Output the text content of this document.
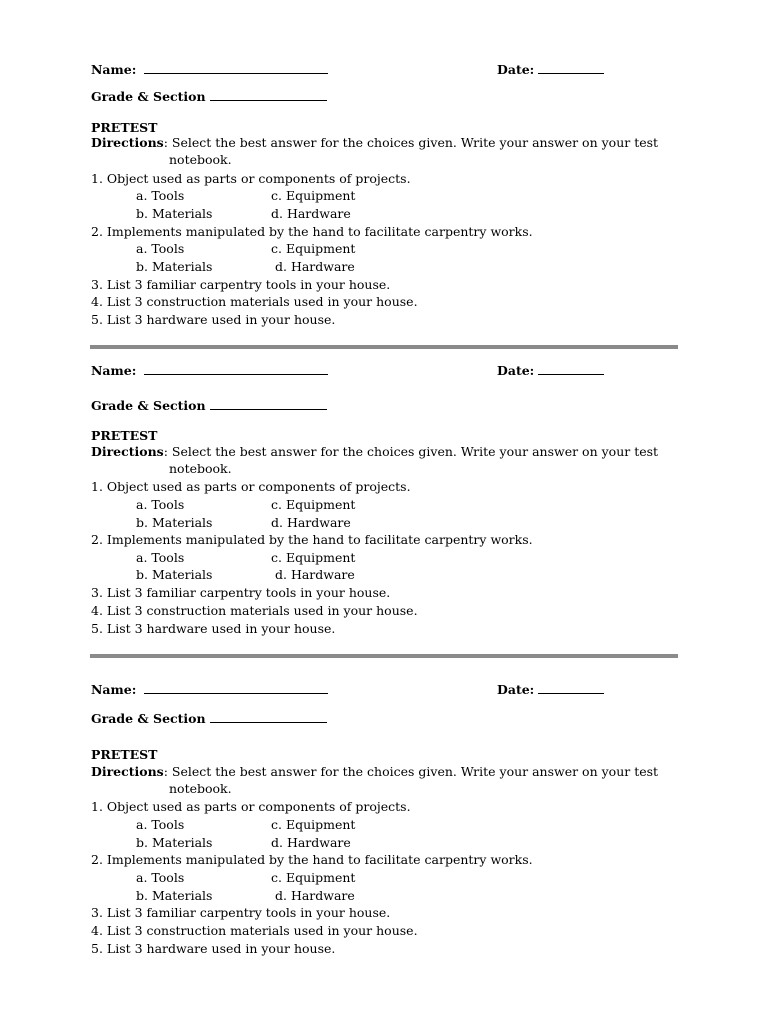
Name:	Date:
Grade & Section
PRETEST
Directions: Select the best answer for the choices given. Write your answer on your test
notebook.
1. Object used as parts or components of projects.
a. Tools	c. Equipment
b. Materials	d. Hardware
2. Implements manipulated by the hand to facilitate carpentry works.
a. Tools	c. Equipment
b. Materials	d. Hardware
3. List 3 familiar carpentry tools in your house.
4. List 3 construction materials used in your house.
5. List 3 hardware used in your house.
Name:	Date:
Grade & Section
PRETEST
Directions: Select the best answer for the choices given. Write your answer on your test
notebook.
1. Object used as parts or components of projects.
a. Tools	c. Equipment
b. Materials	d. Hardware
2. Implements manipulated by the hand to facilitate carpentry works.
a. Tools	c. Equipment
b. Materials	d. Hardware
3. List 3 familiar carpentry tools in your house.
4. List 3 construction materials used in your house.
5. List 3 hardware used in your house.
Name:	Date:
Grade & Section
PRETEST
Directions: Select the best answer for the choices given. Write your answer on your test
notebook.
1. Object used as parts or components of projects.
a. Tools	c. Equipment
b. Materials	d. Hardware
2. Implements manipulated by the hand to facilitate carpentry works.
a. Tools	c. Equipment
b. Materials	d. Hardware
3. List 3 familiar carpentry tools in your house.
4. List 3 construction materials used in your house.
5. List 3 hardware used in your house.
